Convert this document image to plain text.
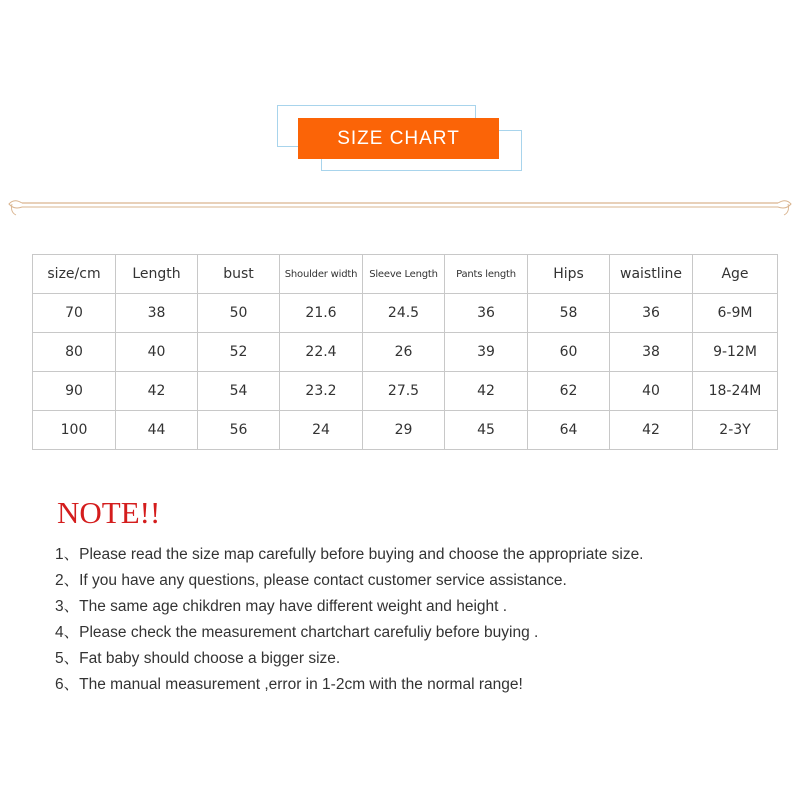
SIZE CHART
size/cm	Length	bust	Shoulder width	Sleeve Length	Pants length	Hips	waistline	Age
70	38	50	21.6	24.5	36	58	36	6-9M
80	40	52	22.4	26	39	60	38	9-12M
90	42	54	23.2	27.5	42	62	40	18-24M
100	44	56	24	29	45	64	42	2-3Y
NOTE!!
1、Please read the size map carefully before buying and choose the appropriate size.
2、If you have any questions, please contact customer service assistance.
3、The same age chikdren may have different weight and height .
4、Please check the measurement chartchart carefuliy before buying .
5、Fat baby should choose a bigger size.
6、The manual measurement ,error in 1-2cm with the normal range!
